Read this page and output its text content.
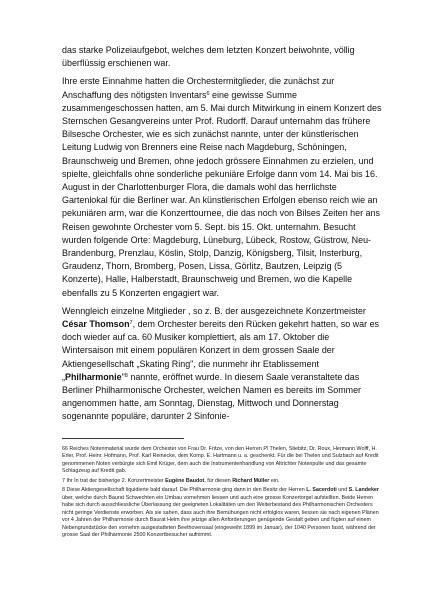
das starke Polizeiaufgebot, welches dem letzten Konzert beiwohnte, völlig überflüssig erschienen war.

Ihre erste Einnahme hatten die Orchestermitglieder, die zunächst zur Anschaffung des nötigsten Inventars$^6$ eine gewisse Summe zusammengeschossen hatten, am 5. Mai durch Mitwirkung in einem Konzert des Sternschen Gesangvereins unter Prof. Rudorff. Darauf unternahm das frühere Bilsesche Orchester, wie es sich zunächst nannte, unter der künstlerischen Leitung Ludwig von Brenners eine Reise nach Magdeburg, Schöningen, Braunschweig und Bremen, ohne jedoch grössere Einnahmen zu erzielen, und spielte, gleichfalls ohne sonderliche pekuniäre Erfolge dann vom 14. Mai bis 16. August in der Charlottenburger Flora, die damals wohl das herrlichste Gartenlokal für die Berliner war. An künstlerischen Erfolgen ebenso reich wie an pekuniären arm, war die Konzerttournee, die das noch von Bilses Zeiten her ans Reisen gewohnte Orchester vom 5. Sept. bis 15. Okt. unternahm. Besucht wurden folgende Orte: Magdeburg, Lüneburg, Lübeck, Rostow, Güstrow, Neu-Brandenburg, Prenzlau, Köslin, Stolp, Danzig, Königsberg, Tilsit, Insterburg, Graudenz, Thorn, Bromberg, Posen, Lissa, Görlitz, Bautzen, Leipzig (5 Konzerte), Halle, Halberstadt, Braunschweig und Bremen, wo die Kapelle ebenfalls zu 5 Konzerten engagiert war.

Wenngleich einzelne Mitglieder , so z. B. der ausgezeichnete Konzertmeister César Thomson$^7$, dem Orchester bereits den Rücken gekehrt hatten, so war es doch wieder auf ca. 60 Musiker komplettiert, als am 17. Oktober die Wintersaison mit einem populären Konzert in dem grossen Saale der Aktiengesellschaft „Skating Ring", die nunmehr ihr Etablissement „Philharmonie"$^8$ nannte, eröffnet wurde. In diesem Saale veranstaltete das Berliner Philharmonische Orchester, welchen Namen es bereits im Sommer angenommen hatte, am Sonntag, Dienstag, Mittwoch und Donnerstag sogenannte populäre, darunter 2 Sinfonie-

66 Reiches Notenmaterial wurde dem Orchester von Frau Dr. Fritze, von den Herren Pl Thelen, Stiebitz, Dr. Roux, Hermann Wolff, H. Erler, Prof. Heinr. Hofmann, Prof. Karl Reinecke, dem Komp. E. Hartmann u. a. geschenkt. Für die bei Thelen und Sulzbach auf Kredit genommenen Noten verbürgte sich Emil Krüger, dem auch die Instrumentenhandlung von Altrichter Notenpulte und das gesamte Schlagzeug auf Kredit gab.

7 Ihr Ìn trat der bisherige 2. Konzertmeister Eugène Baudot, für diesen Richard Müller ein.

8 Diese Aktiengesellschaft liquidierte bald darauf. Die Philharmonie ging dann in den Besitz der Herren L. Sacerdoti und S. Landeker über, welche durch Baurat Schwechten ein Umbau vornehmen liessen und auch eine grosse Konzertorgel aufstellten. Beide Herren habe sich durch ausschliessliche Überlassung der geeigneten Lokalitäten um den Weiterbestand des Philharmonischen Orchesters nicht geringe Verdienste erworben. Als sie sahen, dass auch ihre Bemühungen nicht erfolglos waren, liessen sie nach eigenen Plänen vor 4 Jahren der Philharmonie durch Baurat Heim ihre jetzige allen Anforderungen genügende Gestalt geben und fügten auf einem Nebengrundstücke den vornehm ausgestatteten Beethovensaal (eingeweiht 1899 im Januar), der 1040 Personen fasst, während der grosse Saal der Philharmonie 2500 Konzertbesucher aufnimmt.
